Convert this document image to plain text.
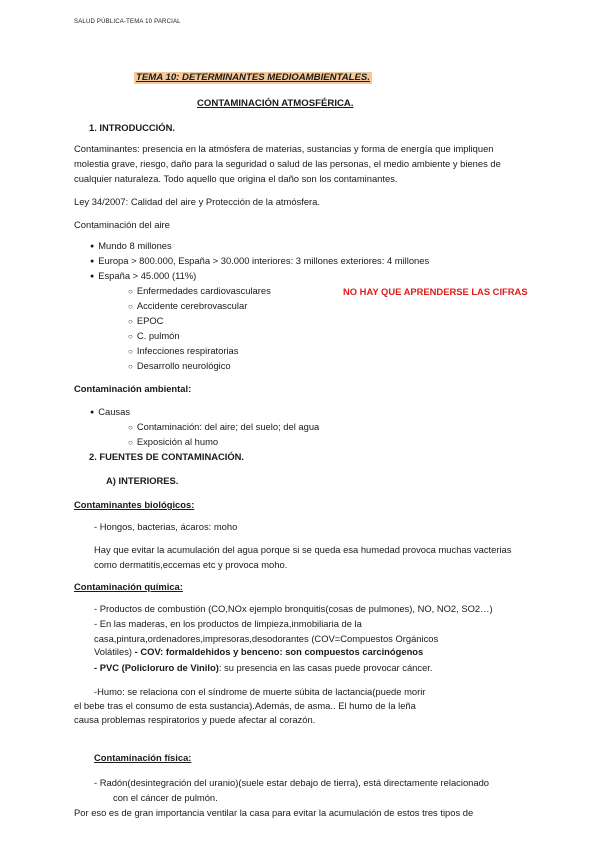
SALUD PÚBLICA-TEMA 10 PARCIAL
TEMA 10: DETERMINANTES MEDIOAMBIENTALES.
CONTAMINACIÓN ATMOSFÉRICA.
1. INTRODUCCIÓN.
Contaminantes: presencia en la atmósfera de materias, sustancias y forma de energía que impliquen
molestia grave, riesgo, daño para la seguridad o salud de las personas, el medio ambiente y bienes de
cualquier naturaleza. Todo aquello que origina el daño son los contaminantes.
Ley 34/2007: Calidad del aire y Protección de la atmósfera.
Contaminación del aire
● Mundo 8 millones
● Europa > 800.000, España > 30.000 interiores: 3 millones exteriores: 4 millones
● España > 45.000 (11%)
○ Enfermedades cardiovasculares
○ Accidente cerebrovascular
○ EPOC
○ C. pulmón
○ Infecciones respiratorias
○ Desarrollo neurológico
NO HAY QUE APRENDERSE LAS CIFRAS
Contaminación ambiental:
● Causas
○ Contaminación: del aire; del suelo; del agua
○ Exposición al humo
2. FUENTES DE CONTAMINACIÓN.
A) INTERIORES.
Contaminantes biológicos:
- Hongos, bacterias, ácaros: moho
Hay que evitar la acumulación del agua porque si se queda esa humedad provoca muchas vacterias
como dermatitis,eccemas etc y provoca moho.
Contaminación química:
- Productos de combustión (CO,NOx ejemplo bronquitis(cosas de pulmones), NO, NO2, SO2…)
- En las maderas, en los productos de limpieza,inmobiliaria de la
casa,pintura,ordenadores,impresoras,desodorantes (COV=Compuestos Orgánicos
Volátiles) - COV: formaldehidos y benceno: son compuestos carcinógenos
- PVC (Policloruro de Vinilo): su presencia en las casas puede provocar cáncer.
-Humo: se relaciona con el síndrome de muerte súbita de lactancia(puede morir
el bebe tras el consumo de esta sustancia).Además, de asma.. El humo de la leña
causa problemas respiratorios y puede afectar al corazón.
Contaminación física:
- Radón(desintegración del uranio)(suele estar debajo de tierra), está directamente relacionado
con el cáncer de pulmón.
Por eso es de gran importancia ventilar la casa para evitar la acumulación de estos tres tipos de
